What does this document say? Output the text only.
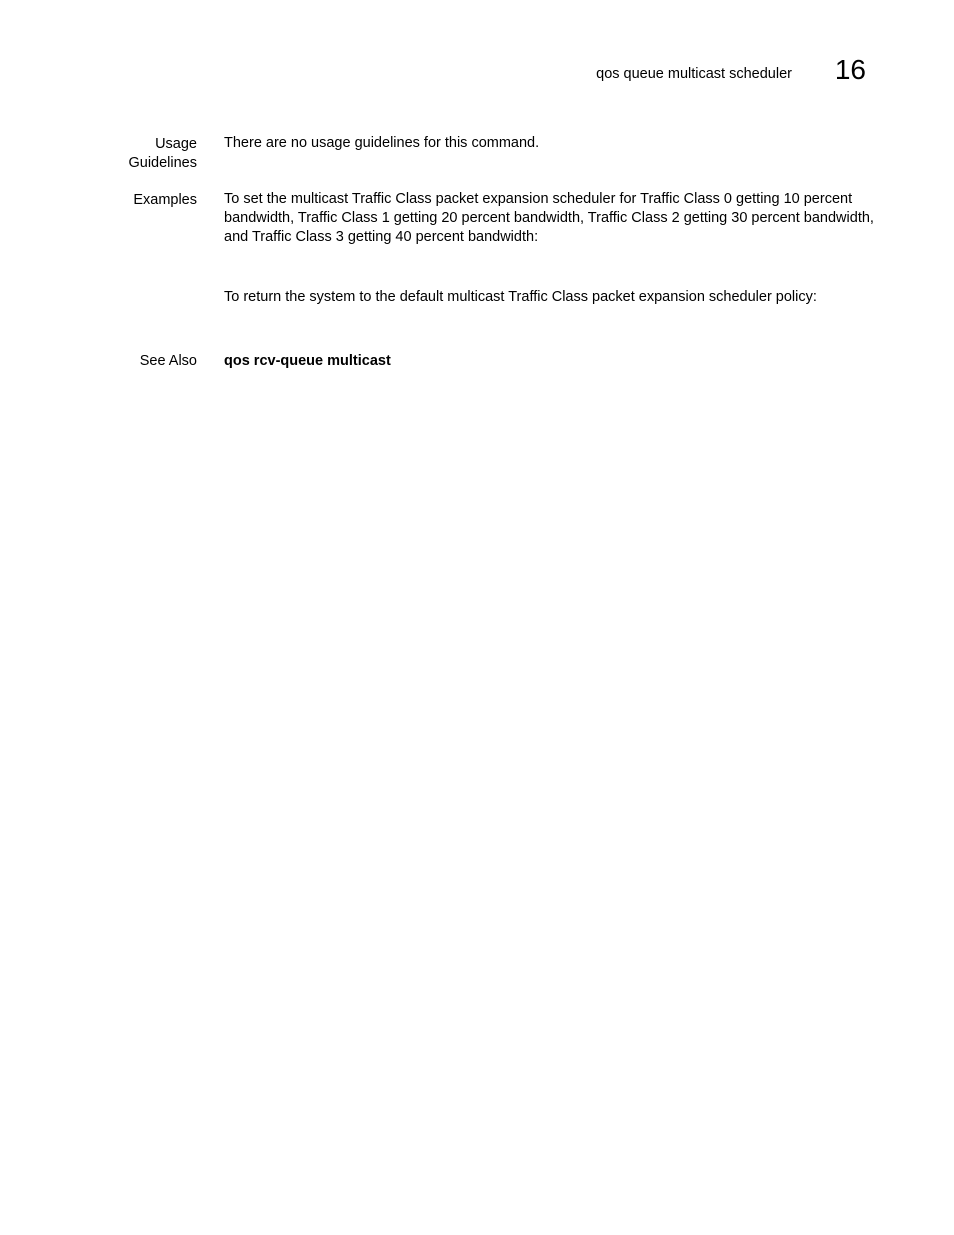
qos queue multicast scheduler	16
Usage
Guidelines
There are no usage guidelines for this command.
Examples To set the multicast Traffic Class packet expansion scheduler for Traffic Class 0 getting 10 percent bandwidth, Traffic Class 1 getting 20 percent bandwidth, Traffic Class 2 getting 30 percent bandwidth, and Traffic Class 3 getting 40 percent bandwidth:
To return the system to the default multicast Traffic Class packet expansion scheduler policy:
See Also qos rcv-queue multicast
